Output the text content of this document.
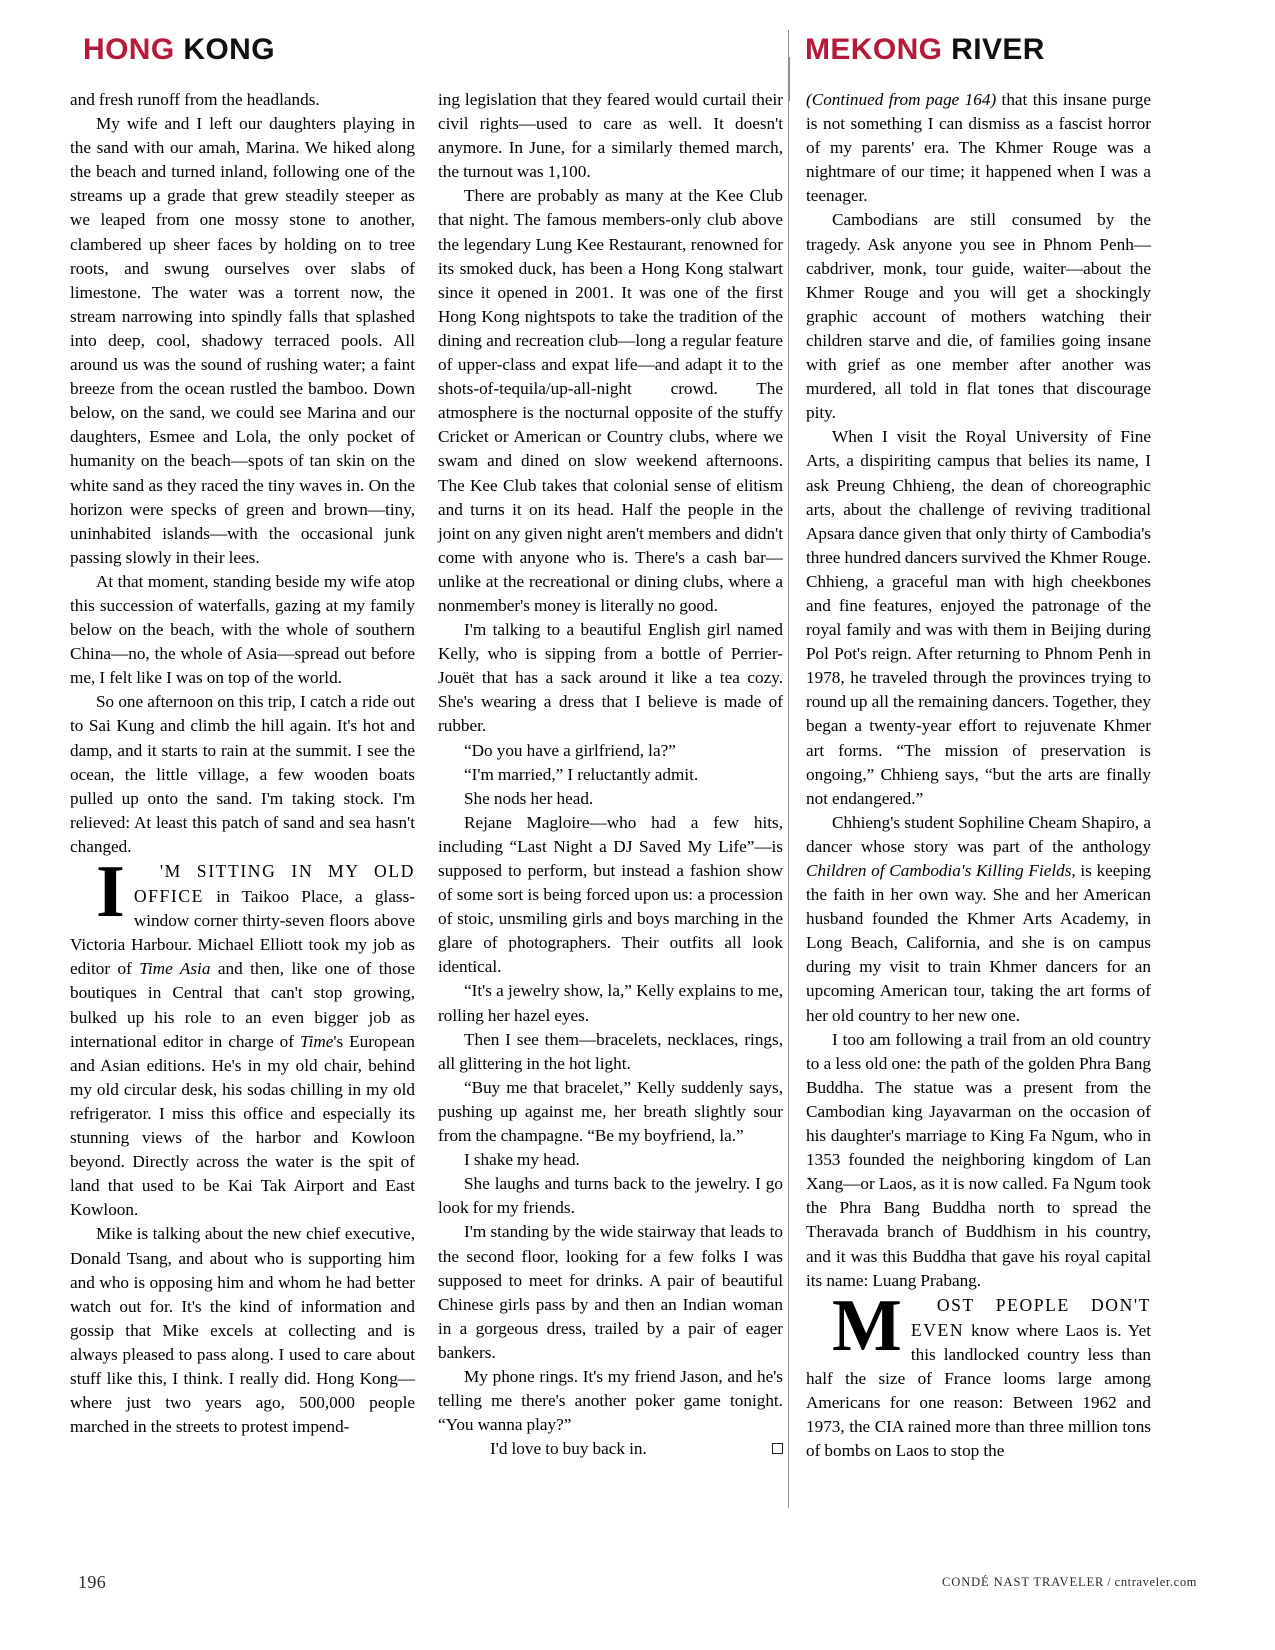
HONG KONG	MEKONG RIVER

and fresh runoff from the headlands.

My wife and I left our daughters playing in the sand with our amah, Marina. We hiked along the beach and turned inland, following one of the streams up a grade that grew steadily steeper as we leaped from one mossy stone to another, clambered up sheer faces by holding on to tree roots, and swung ourselves over slabs of limestone. The water was a torrent now, the stream narrowing into spindly falls that splashed into deep, cool, shadowy terraced pools. All around us was the sound of rushing water; a faint breeze from the ocean rustled the bamboo. Down below, on the sand, we could see Marina and our daughters, Esmee and Lola, the only pocket of humanity on the beach—spots of tan skin on the white sand as they raced the tiny waves in. On the horizon were specks of green and brown—tiny, uninhabited islands—with the occasional junk passing slowly in their lees.

At that moment, standing beside my wife atop this succession of waterfalls, gazing at my family below on the beach, with the whole of southern China—no, the whole of Asia—spread out before me, I felt like I was on top of the world.

So one afternoon on this trip, I catch a ride out to Sai Kung and climb the hill again. It's hot and damp, and it starts to rain at the summit. I see the ocean, the little village, a few wooden boats pulled up onto the sand. I'm taking stock. I'm relieved: At least this patch of sand and sea hasn't changed.

I 'M SITTING IN MY OLD OFFICE in Taikoo Place, a glass-window corner thirty-seven floors above Victoria Harbour. Michael Elliott took my job as editor of Time Asia and then, like one of those boutiques in Central that can't stop growing, bulked up his role to an even bigger job as international editor in charge of Time's European and Asian editions. He's in my old chair, behind my old circular desk, his sodas chilling in my old refrigerator. I miss this office and especially its stunning views of the harbor and Kowloon beyond. Directly across the water is the spit of land that used to be Kai Tak Airport and East Kowloon.

Mike is talking about the new chief executive, Donald Tsang, and about who is supporting him and who is opposing him and whom he had better watch out for. It's the kind of information and gossip that Mike excels at collecting and is always pleased to pass along. I used to care about stuff like this, I think. I really did. Hong Kong—where just two years ago, 500,000 people marched in the streets to protest impend-

ing legislation that they feared would curtail their civil rights—used to care as well. It doesn't anymore. In June, for a similarly themed march, the turnout was 1,100.

There are probably as many at the Kee Club that night. The famous members-only club above the legendary Lung Kee Restaurant, renowned for its smoked duck, has been a Hong Kong stalwart since it opened in 2001. It was one of the first Hong Kong nightspots to take the tradition of the dining and recreation club—long a regular feature of upper-class and expat life—and adapt it to the shots-of-tequila/up-all-night crowd. The atmosphere is the nocturnal opposite of the stuffy Cricket or American or Country clubs, where we swam and dined on slow weekend afternoons. The Kee Club takes that colonial sense of elitism and turns it on its head. Half the people in the joint on any given night aren't members and didn't come with anyone who is. There's a cash bar—unlike at the recreational or dining clubs, where a nonmember's money is literally no good.

I'm talking to a beautiful English girl named Kelly, who is sipping from a bottle of Perrier-Jouët that has a sack around it like a tea cozy. She's wearing a dress that I believe is made of rubber.

“Do you have a girlfriend, la?”

“I'm married,” I reluctantly admit.

She nods her head.

Rejane Magloire—who had a few hits, including “Last Night a DJ Saved My Life”—is supposed to perform, but instead a fashion show of some sort is being forced upon us: a procession of stoic, unsmiling girls and boys marching in the glare of photographers. Their outfits all look identical.

“It's a jewelry show, la,” Kelly explains to me, rolling her hazel eyes.

Then I see them—bracelets, necklaces, rings, all glittering in the hot light.

“Buy me that bracelet,” Kelly suddenly says, pushing up against me, her breath slightly sour from the champagne. “Be my boyfriend, la.”

I shake my head.

She laughs and turns back to the jewelry. I go look for my friends.

I'm standing by the wide stairway that leads to the second floor, looking for a few folks I was supposed to meet for drinks. A pair of beautiful Chinese girls pass by and then an Indian woman in a gorgeous dress, trailed by a pair of eager bankers.

My phone rings. It's my friend Jason, and he's telling me there's another poker game tonight. “You wanna play?”

I'd love to buy back in.

(Continued from page 164) that this insane purge is not something I can dismiss as a fascist horror of my parents' era. The Khmer Rouge was a nightmare of our time; it happened when I was a teenager.

Cambodians are still consumed by the tragedy. Ask anyone you see in Phnom Penh—cabdriver, monk, tour guide, waiter—about the Khmer Rouge and you will get a shockingly graphic account of mothers watching their children starve and die, of families going insane with grief as one member after another was murdered, all told in flat tones that discourage pity.

When I visit the Royal University of Fine Arts, a dispiriting campus that belies its name, I ask Preung Chhieng, the dean of choreographic arts, about the challenge of reviving traditional Apsara dance given that only thirty of Cambodia's three hundred dancers survived the Khmer Rouge. Chhieng, a graceful man with high cheekbones and fine features, enjoyed the patronage of the royal family and was with them in Beijing during Pol Pot's reign. After returning to Phnom Penh in 1978, he traveled through the provinces trying to round up all the remaining dancers. Together, they began a twenty-year effort to rejuvenate Khmer art forms. “The mission of preservation is ongoing,” Chhieng says, “but the arts are finally not endangered.”

Chhieng's student Sophiline Cheam Shapiro, a dancer whose story was part of the anthology Children of Cambodia's Killing Fields, is keeping the faith in her own way. She and her American husband founded the Khmer Arts Academy, in Long Beach, California, and she is on campus during my visit to train Khmer dancers for an upcoming American tour, taking the art forms of her old country to her new one.

I too am following a trail from an old country to a less old one: the path of the golden Phra Bang Buddha. The statue was a present from the Cambodian king Jayavarman on the occasion of his daughter's marriage to King Fa Ngum, who in 1353 founded the neighboring kingdom of Lan Xang—or Laos, as it is now called. Fa Ngum took the Phra Bang Buddha north to spread the Theravada branch of Buddhism in his country, and it was this Buddha that gave his royal capital its name: Luang Prabang.

M OST PEOPLE DON'T EVEN know where Laos is. Yet this landlocked country less than half the size of France looms large among Americans for one reason: Between 1962 and 1973, the CIA rained more than three million tons of bombs on Laos to stop the

196	CONDÉ NAST TRAVELER / cntraveler.com
